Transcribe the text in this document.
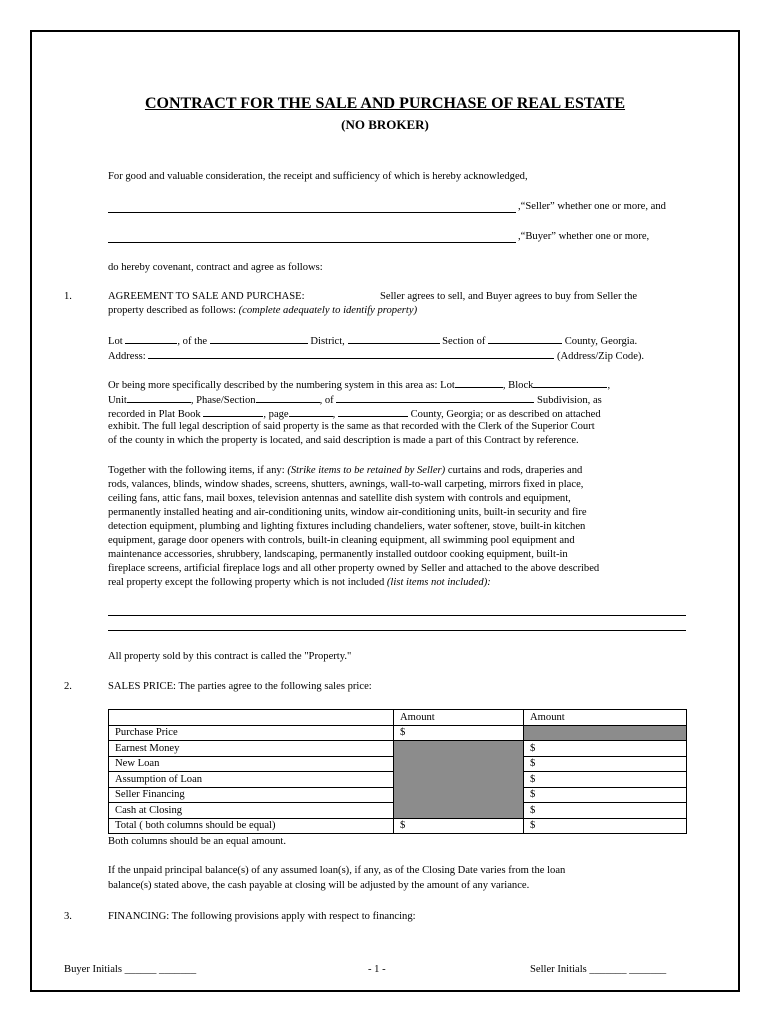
CONTRACT FOR THE SALE AND PURCHASE OF REAL ESTATE
(NO BROKER)
For good and valuable consideration, the receipt and sufficiency of which is hereby acknowledged,
,“Seller” whether one or more, and
,“Buyer” whether one or more,
do hereby covenant, contract and agree as follows:
1.	AGREEMENT TO SALE AND PURCHASE:	Seller agrees to sell, and Buyer agrees to buy from Seller the
property described as follows: (complete adequately to identify property)
Lot	, of the	District,	Section of	County, Georgia.
Address:	(Address/Zip Code).
Or being more specifically described by the numbering system in this area as: Lot	, Block	,
Unit	, Phase/Section	, of	Subdivision, as
recorded in Plat Book	, page	,	County, Georgia; or as described on attached
exhibit. The full legal description of said property is the same as that recorded with the Clerk of the Superior Court
of the county in which the property is located, and said description is made a part of this Contract by reference.
Together with the following items, if any: (Strike items to be retained by Seller) curtains and rods, draperies and
rods, valances, blinds, window shades, screens, shutters, awnings, wall-to-wall carpeting, mirrors fixed in place,
ceiling fans, attic fans, mail boxes, television antennas and satellite dish system with controls and equipment,
permanently installed heating and air-conditioning units, window air-conditioning units, built-in security and fire
detection equipment, plumbing and lighting fixtures including chandeliers, water softener, stove, built-in kitchen
equipment, garage door openers with controls, built-in cleaning equipment, all swimming pool equipment and
maintenance accessories, shrubbery, landscaping, permanently installed outdoor cooking equipment, built-in
fireplace screens, artificial fireplace logs and all other property owned by Seller and attached to the above described
real property except the following property which is not included (list items not included):
All property sold by this contract is called the "Property."
2.	SALES PRICE: The parties agree to the following sales price:
	Amount	Amount
Purchase Price	$	
Earnest Money		$
New Loan		$
Assumption of Loan		$
Seller Financing		$
Cash at Closing		$
Total ( both columns should be equal)	$	$
Both columns should be an equal amount.
If the unpaid principal balance(s) of any assumed loan(s), if any, as of the Closing Date varies from the loan
balance(s) stated above, the cash payable at closing will be adjusted by the amount of any variance.
3.	FINANCING: The following provisions apply with respect to financing:
Buyer Initials ______ _______	- 1 -	Seller Initials _______ _______
